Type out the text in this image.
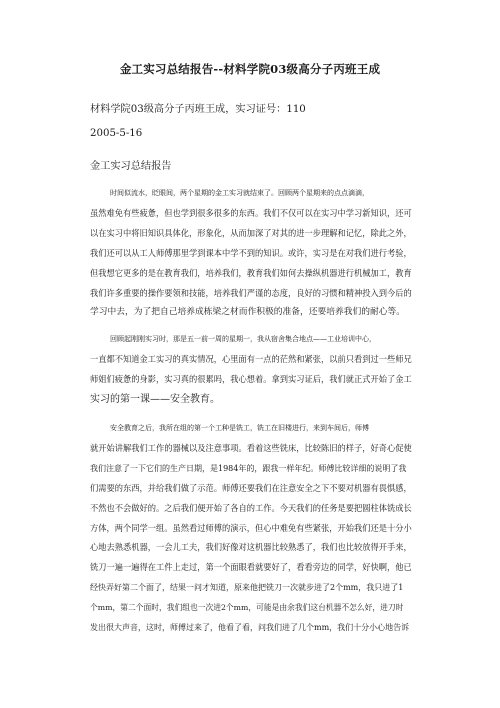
金工实习总结报告--材料学院03级高分子丙班王成
材料学院03级高分子丙班王成，实习证号：110
2005-5-16
金工实习总结报告
时间似流水，眨眼间，两个星期的金工实习就结束了。回顾两个星期来的点点滴滴，
虽然难免有些疲惫，但也学到很多很多的东西。我们不仅可以在实习中学习新知识，还可
以在实习中将旧知识具体化，形象化，从而加深了对其的进一步理解和记忆，除此之外，
我们还可以从工人师傅那里学到课本中学不到的知识。或许，实习是在对我们进行考验，
但我想它更多的是在教育我们，培养我们，教育我们如何去操纵机器进行机械加工，教育
我们许多重要的操作要领和技能，培养我们严谨的态度，良好的习惯和精神投入到今后的
学习中去，为了把自己培养成栋梁之材而作积极的准备，还要培养我们的耐心等。
回顾起刚刚实习时，那是五一前一周的星期一，我从宿舍集合地点——工业培训中心，
一直都不知道金工实习的真实情况，心里面有一点的茫然和紧张，以前只看到过一些师兄
师姐们疲惫的身影，实习真的很累吗，我心想着。拿到实习证后，我们就正式开始了金工
实习的第一课——安全教育。
安全教育之后，我所在组的第一个工种是铣工，铣工在旧楼进行，来到车间后，师傅
就开始讲解我们工作的器械以及注意事项。看着这些铣床，比较陈旧的样子，好奇心促使
我们注意了一下它们的生产日期，是1984年的，跟我一样年纪。师傅比较详细的说明了我
们需要的东西，并给我们做了示范。师傅还要我们在注意安全之下不要对机器有畏惧感，
不然也不会做好的。之后我们便开始了各自的工作。今天我们的任务是要把圆柱体铣成长
方体，两个同学一组。虽然看过师傅的演示，但心中难免有些紧张，开始我们还是十分小
心地去熟悉机器，一会儿工夫，我们好像对这机器比较熟悉了，我们也比较放得开手来，
铣刀一遍一遍得在工件上走过，第一个面眼看就要好了，看看旁边的同学，好快啊，他已
经快弄好第二个面了，结果一问才知道，原来他把铣刀一次就步进了2个mm，我只进了1
个mm，第二个面时，我们组也一次进2个mm，可能是由余我们这台机器不怎么好，进刀时
发出很大声音，这时，师傅过来了，他看了看，问我们进了几个mm，我们十分小心地告诉
